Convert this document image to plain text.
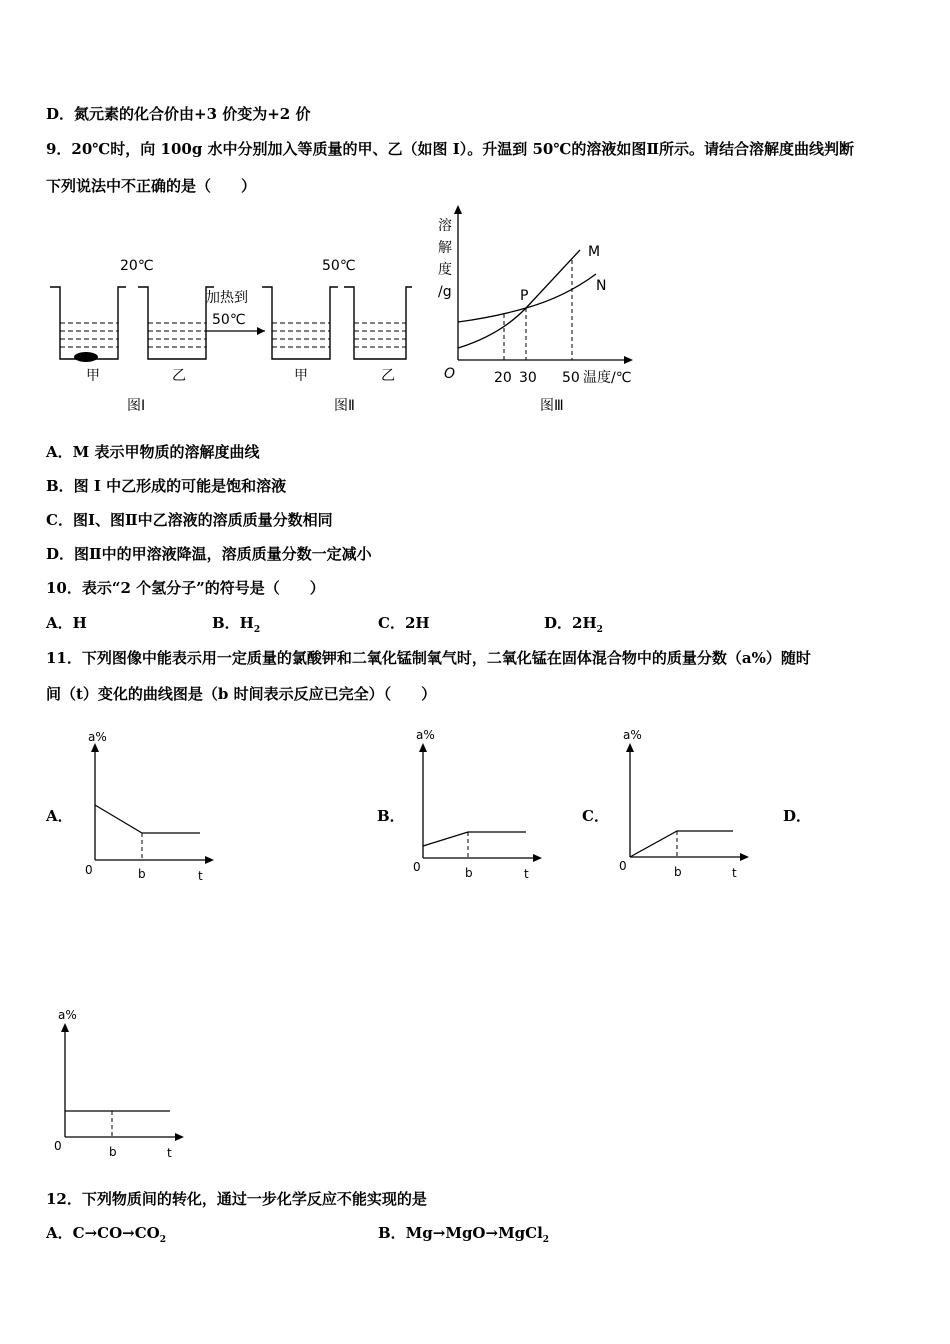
D．氮元素的化合价由+3 价变为+2 价
9．20℃时，向 100g 水中分别加入等质量的甲、乙（如图 I）。升温到 50℃的溶液如图Ⅱ所示。请结合溶解度曲线判断
下列说法中不正确的是（　　）
20℃
甲	乙
图I
加热到
50℃
50℃
甲	乙
图Ⅱ
溶
解
度
/g
M
N
P
O	20 30 50 温度/℃
图Ⅲ
A．M 表示甲物质的溶解度曲线
B．图 I 中乙形成的可能是饱和溶液
C．图Ⅰ、图Ⅱ中乙溶液的溶质质量分数相同
D．图Ⅱ中的甲溶液降温，溶质质量分数一定减小
10．表示“2 个氢分子”的符号是（　　）
A．H	B．$H_2$	C．2H	D．$2H_2$
11．下列图像中能表示用一定质量的氯酸钾和二氧化锰制氧气时，二氧化锰在固体混合物中的质量分数（a%）随时
间（t）变化的曲线图是（b 时间表示反应已完全）（　　）
A．	B．	C．	D．
a%
0	b	t
a%
0	b	t
a%
0	b	t
a%
0	b	t
12．下列物质间的转化，通过一步化学反应不能实现的是
A．$C\to CO\to CO_2$	B．Mg→MgO→MgCl$_2$
